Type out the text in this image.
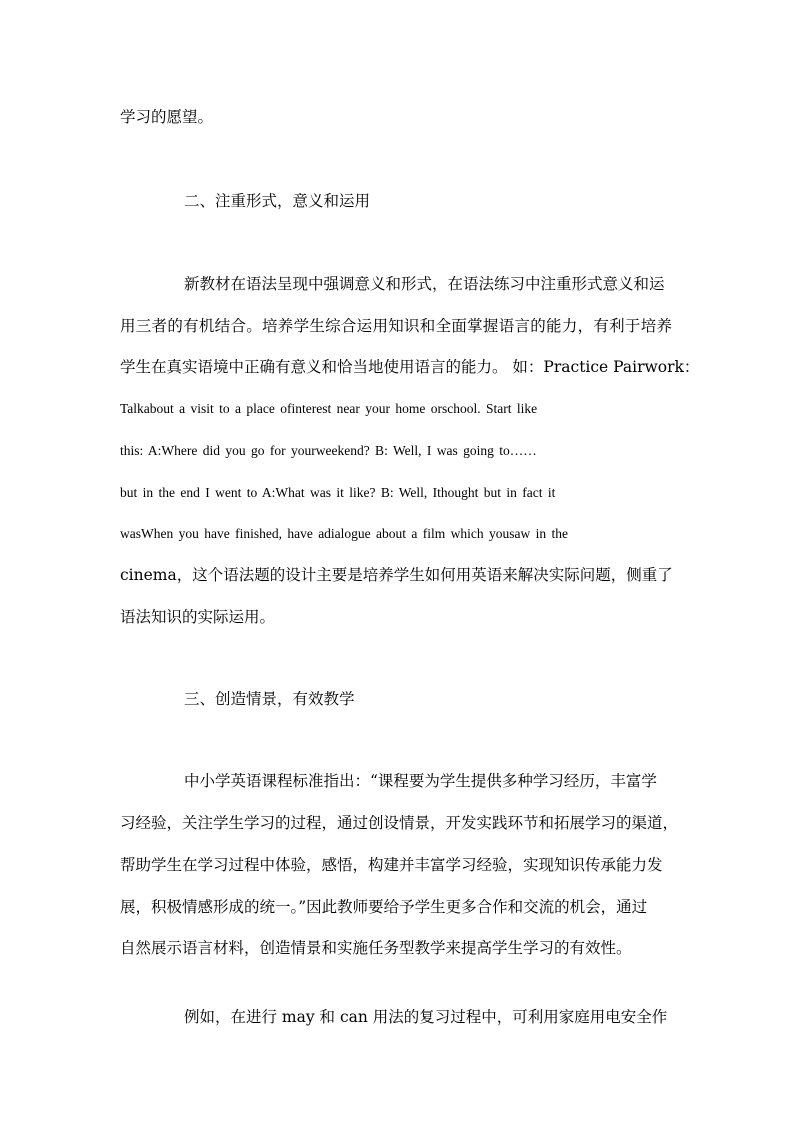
学习的愿望。
二、注重形式，意义和运用
新教材在语法呈现中强调意义和形式，在语法练习中注重形式意义和运
用三者的有机结合。培养学生综合运用知识和全面掌握语言的能力，有利于培养
学生在真实语境中正确有意义和恰当地使用语言的能力。 如：Practice Pairwork：
Talkabout a visit to a place ofinterest near your home orschool. Start like
this: A:Where did you go for yourweekend? B: Well, I was going to……
but in the end I went to A:What was it like? B: Well, Ithought but in fact it
wasWhen you have finished, have adialogue about a film which yousaw in the
cinema，这个语法题的设计主要是培养学生如何用英语来解决实际问题，侧重了
语法知识的实际运用。
三、创造情景，有效教学
中小学英语课程标准指出：“课程要为学生提供多种学习经历，丰富学
习经验，关注学生学习的过程，通过创设情景，开发实践环节和拓展学习的渠道，
帮助学生在学习过程中体验，感悟，构建并丰富学习经验，实现知识传承能力发
展，积极情感形成的统一。”因此教师要给予学生更多合作和交流的机会，通过
自然展示语言材料，创造情景和实施任务型教学来提高学生学习的有效性。
例如，在进行 may 和 can 用法的复习过程中，可利用家庭用电安全作
